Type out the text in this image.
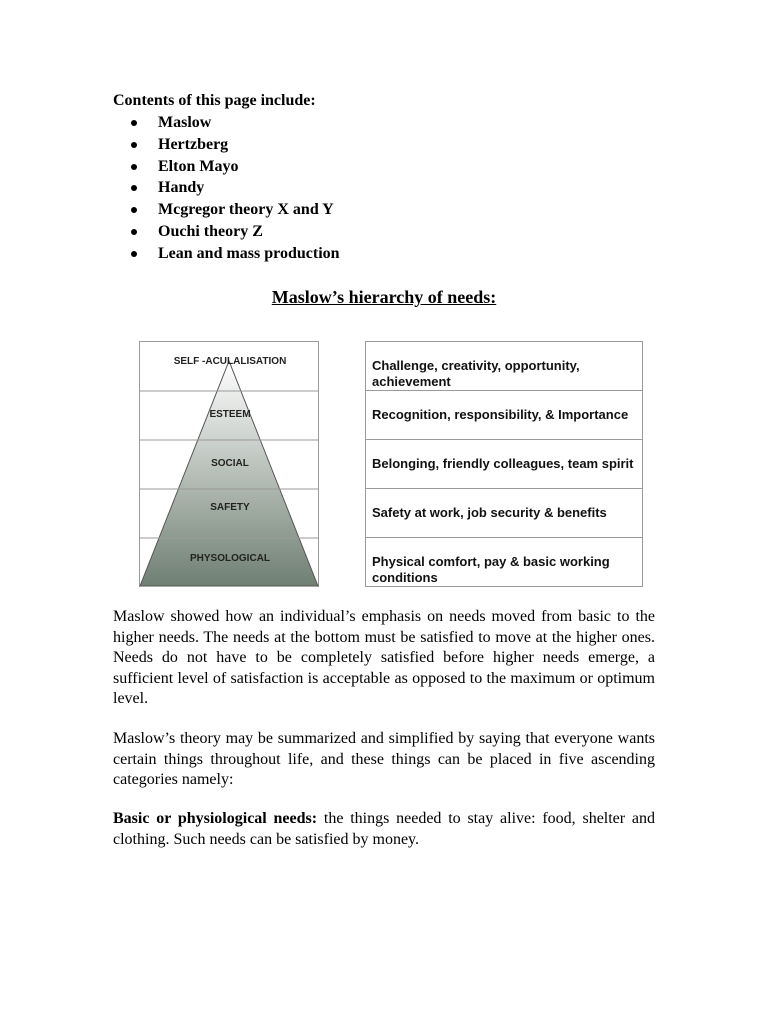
Contents of this page include:
Maslow
Hertzberg
Elton Mayo
Handy
Mcgregor theory X and Y
Ouchi theory Z
Lean and mass production
Maslow’s hierarchy of needs:
SELF -ACULALISATION
ESTEEM
SOCIAL
SAFETY
PHYSOLOGICAL
Challenge, creativity, opportunity, achievement
Recognition, responsibility, & Importance
Belonging, friendly colleagues, team spirit
Safety at work, job security & benefits
Physical comfort, pay & basic working conditions

Maslow showed how an individual’s emphasis on needs moved from basic to the higher needs. The needs at the bottom must be satisfied to move at the higher ones. Needs do not have to be completely satisfied before higher needs emerge, a sufficient level of satisfaction is acceptable as opposed to the maximum or optimum level.

Maslow’s theory may be summarized and simplified by saying that everyone wants certain things throughout life, and these things can be placed in five ascending categories namely:

Basic or physiological needs: the things needed to stay alive: food, shelter and clothing. Such needs can be satisfied by money.
